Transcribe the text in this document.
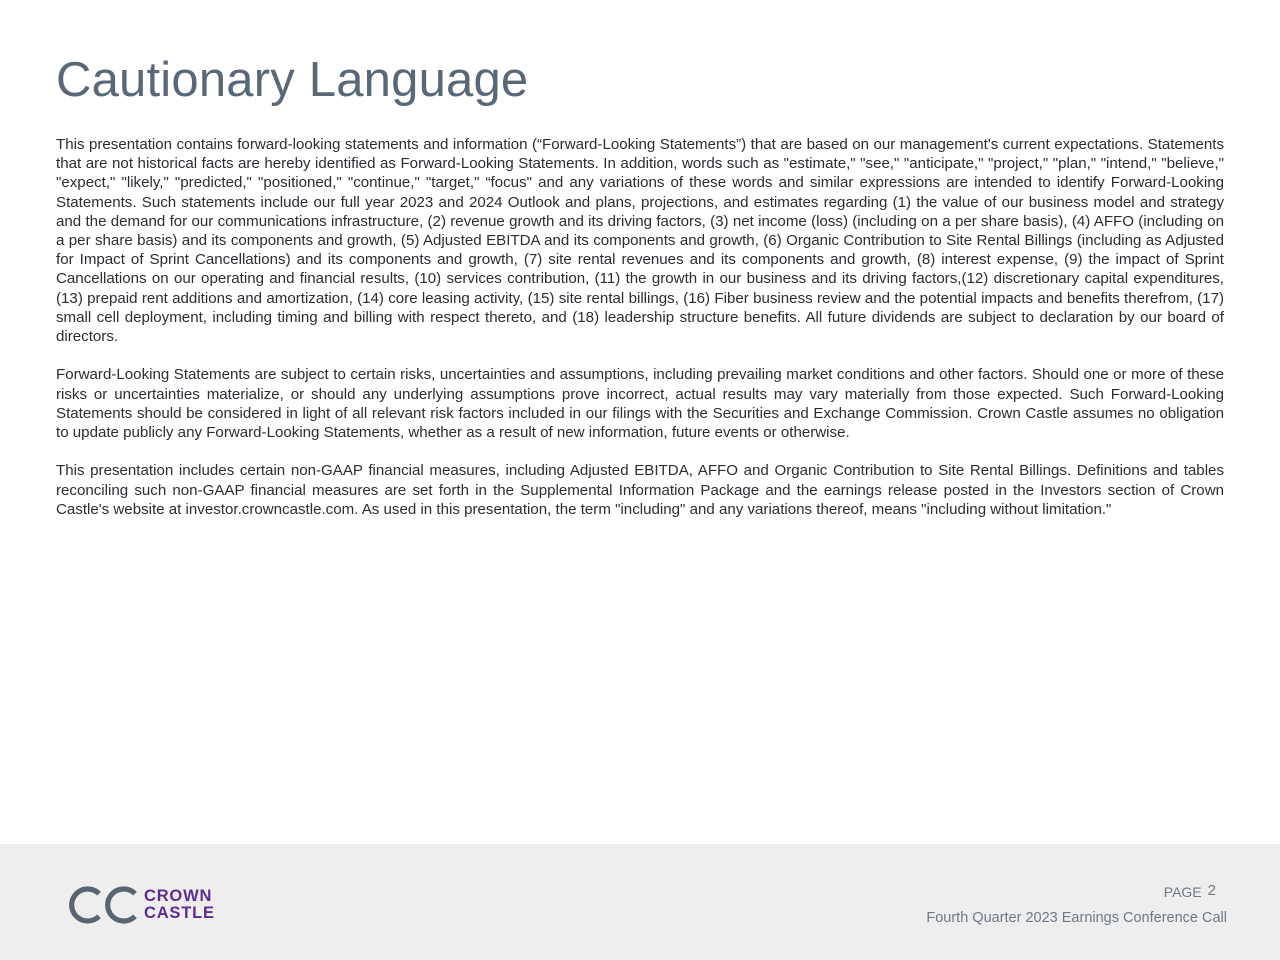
Cautionary Language

This presentation contains forward-looking statements and information (“Forward-Looking Statements”) that are based on our management's current expectations. Statements that are not historical facts are hereby identified as Forward-Looking Statements. In addition, words such as "estimate," "see," "anticipate," "project," "plan," "intend," "believe," "expect," "likely," "predicted," "positioned," "continue," "target," “focus" and any variations of these words and similar expressions are intended to identify Forward-Looking Statements. Such statements include our full year 2023 and 2024 Outlook and plans, projections, and estimates regarding (1) the value of our business model and strategy and the demand for our communications infrastructure, (2) revenue growth and its driving factors, (3) net income (loss) (including on a per share basis), (4) AFFO (including on a per share basis) and its components and growth, (5) Adjusted EBITDA and its components and growth, (6) Organic Contribution to Site Rental Billings (including as Adjusted for Impact of Sprint Cancellations) and its components and growth, (7) site rental revenues and its components and growth, (8) interest expense, (9) the impact of Sprint Cancellations on our operating and financial results, (10) services contribution, (11) the growth in our business and its driving factors,(12) discretionary capital expenditures, (13) prepaid rent additions and amortization, (14) core leasing activity, (15) site rental billings, (16) Fiber business review and the potential impacts and benefits therefrom, (17) small cell deployment, including timing and billing with respect thereto, and (18) leadership structure benefits. All future dividends are subject to declaration by our board of directors.

Forward-Looking Statements are subject to certain risks, uncertainties and assumptions, including prevailing market conditions and other factors. Should one or more of these risks or uncertainties materialize, or should any underlying assumptions prove incorrect, actual results may vary materially from those expected. Such Forward-Looking Statements should be considered in light of all relevant risk factors included in our filings with the Securities and Exchange Commission. Crown Castle assumes no obligation to update publicly any Forward-Looking Statements, whether as a result of new information, future events or otherwise.

This presentation includes certain non-GAAP financial measures, including Adjusted EBITDA, AFFO and Organic Contribution to Site Rental Billings. Definitions and tables reconciling such non-GAAP financial measures are set forth in the Supplemental Information Package and the earnings release posted in the Investors section of Crown Castle's website at investor.crowncastle.com. As used in this presentation, the term "including" and any variations thereof, means "including without limitation."

CROWN
CASTLE
PAGE 2
Fourth Quarter 2023 Earnings Conference Call
